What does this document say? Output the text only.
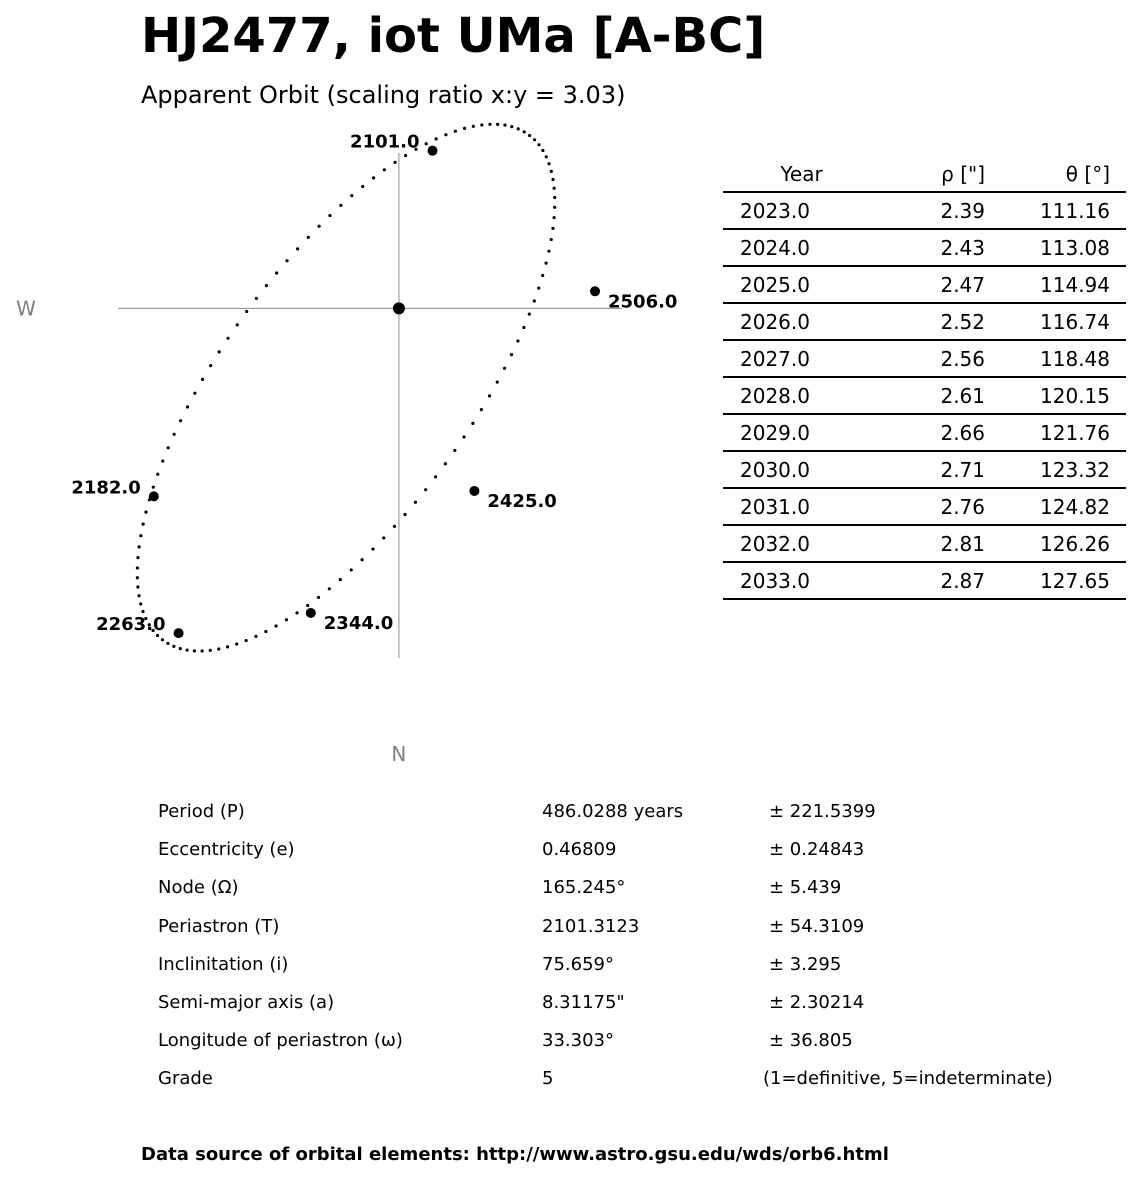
HJ2477, iot UMa [A-BC]
Apparent Orbit (scaling ratio x:y = 3.03)
2101.0
2182.0
2263.0	2344.0
2425.0
2506.0
W
N
Year	ρ ["]	θ [°]
2023.0	2.39	111.16
2024.0	2.43	113.08
2025.0	2.47	114.94
2026.0	2.52	116.74
2027.0	2.56	118.48
2028.0	2.61	120.15
2029.0	2.66	121.76
2030.0	2.71	123.32
2031.0	2.76	124.82
2032.0	2.81	126.26
2033.0	2.87	127.65
Period (P)	486.0288 years	± 221.5399
Eccentricity (e)	0.46809	± 0.24843
Node (Ω)	165.245°	± 5.439
Periastron (T)	2101.3123	± 54.3109
Inclinitation (i)	75.659°	± 3.295
Semi-major axis (a)	8.31175"	± 2.30214
Longitude of periastron (ω)	33.303°	± 36.805
Grade	5	(1=definitive, 5=indeterminate)
Data source of orbital elements: http://www.astro.gsu.edu/wds/orb6.html
